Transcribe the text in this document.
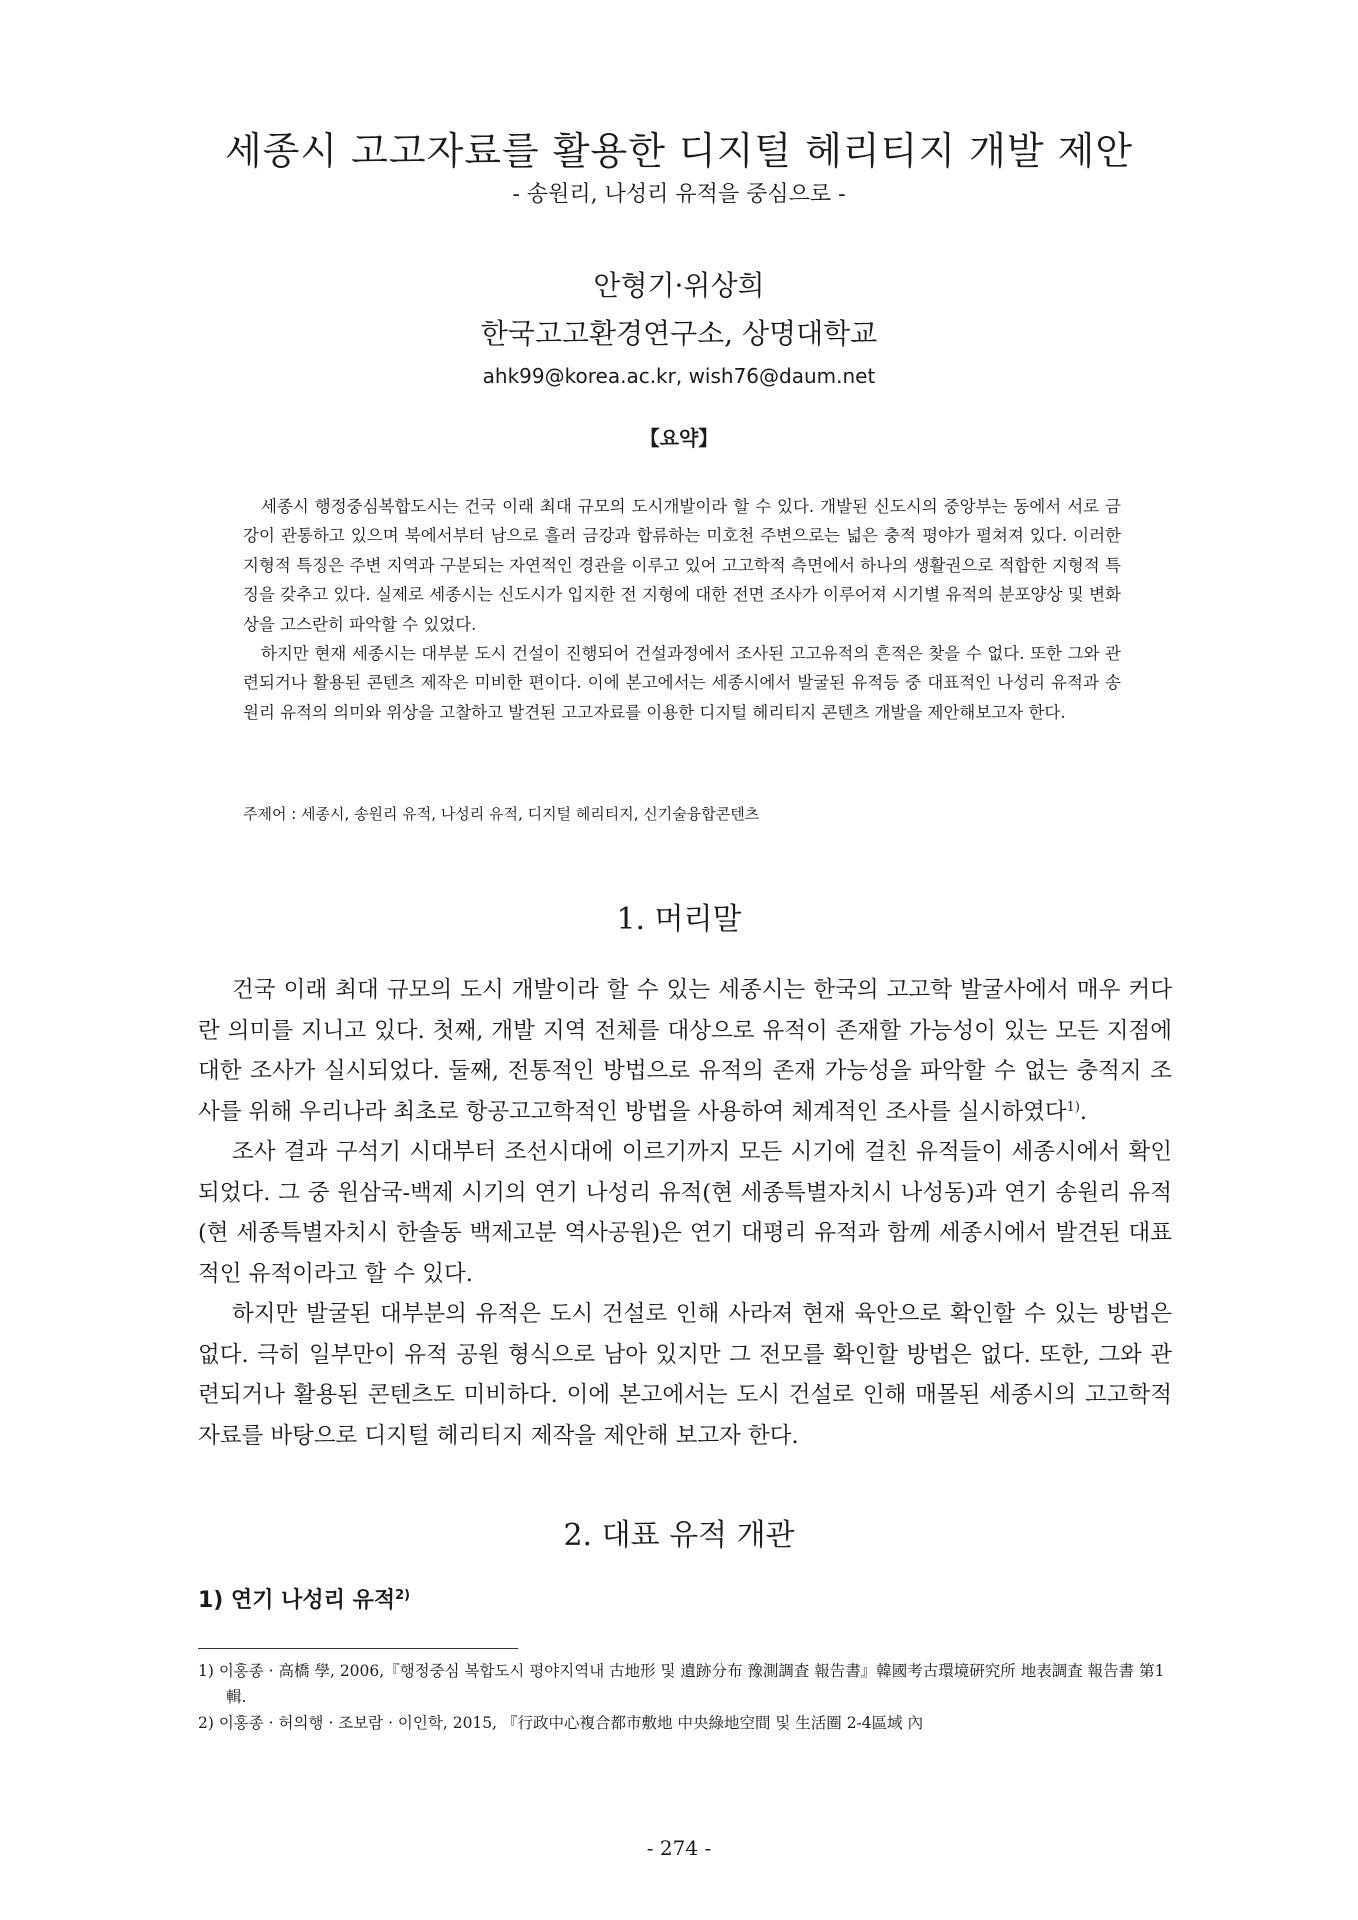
세종시 고고자료를 활용한 디지털 헤리티지 개발 제안
- 송원리, 나성리 유적을 중심으로 -
안형기·위상희
한국고고환경연구소, 상명대학교
ahk99@korea.ac.kr, wish76@daum.net
【요약】

세종시 행정중심복합도시는 건국 이래 최대 규모의 도시개발이라 할 수 있다. 개발된 신도시의 중앙부는 동에서 서로 금강이 관통하고 있으며 북에서부터 남으로 흘러 금강과 합류하는 미호천 주변으로는 넓은 충적 평야가 펼쳐져 있다. 이러한 지형적 특징은 주변 지역과 구분되는 자연적인 경관을 이루고 있어 고고학적 측면에서 하나의 생활권으로 적합한 지형적 특징을 갖추고 있다. 실제로 세종시는 신도시가 입지한 전 지형에 대한 전면 조사가 이루어져 시기별 유적의 분포양상 및 변화상을 고스란히 파악할 수 있었다.

하지만 현재 세종시는 대부분 도시 건설이 진행되어 건설과정에서 조사된 고고유적의 흔적은 찾을 수 없다. 또한 그와 관련되거나 활용된 콘텐츠 제작은 미비한 편이다. 이에 본고에서는 세종시에서 발굴된 유적등 중 대표적인 나성리 유적과 송원리 유적의 의미와 위상을 고찰하고 발견된 고고자료를 이용한 디지털 헤리티지 콘텐츠 개발을 제안해보고자 한다.

주제어 : 세종시, 송원리 유적, 나성리 유적, 디지털 헤리티지, 신기술융합콘텐츠
1. 머리말

건국 이래 최대 규모의 도시 개발이라 할 수 있는 세종시는 한국의 고고학 발굴사에서 매우 커다란 의미를 지니고 있다. 첫째, 개발 지역 전체를 대상으로 유적이 존재할 가능성이 있는 모든 지점에 대한 조사가 실시되었다. 둘째, 전통적인 방법으로 유적의 존재 가능성을 파악할 수 없는 충적지 조사를 위해 우리나라 최초로 항공고고학적인 방법을 사용하여 체계적인 조사를 실시하였다$^{1)}$.

조사 결과 구석기 시대부터 조선시대에 이르기까지 모든 시기에 걸친 유적들이 세종시에서 확인되었다. 그 중 원삼국-백제 시기의 연기 나성리 유적(현 세종특별자치시 나성동)과 연기 송원리 유적(현 세종특별자치시 한솔동 백제고분 역사공원)은 연기 대평리 유적과 함께 세종시에서 발견된 대표적인 유적이라고 할 수 있다.

하지만 발굴된 대부분의 유적은 도시 건설로 인해 사라져 현재 육안으로 확인할 수 있는 방법은 없다. 극히 일부만이 유적 공원 형식으로 남아 있지만 그 전모를 확인할 방법은 없다. 또한, 그와 관련되거나 활용된 콘텐츠도 미비하다. 이에 본고에서는 도시 건설로 인해 매몰된 세종시의 고고학적 자료를 바탕으로 디지털 헤리티지 제작을 제안해 보고자 한다.

2. 대표 유적 개관
1) 연기 나성리 유적$^{2)}$

1) 이홍종 · 高橋 學, 2006,『행정중심 복합도시 평야지역내 古地形 및 遺跡分布 豫測調査 報告書』韓國考古環境硏究所 地表調査 報告書 第1輯.

2) 이홍종 · 허의행 · 조보람 · 이인학, 2015, 『行政中心複合都市敷地 中央綠地空間 및 生活圈 2-4區域 內

- 274 -
